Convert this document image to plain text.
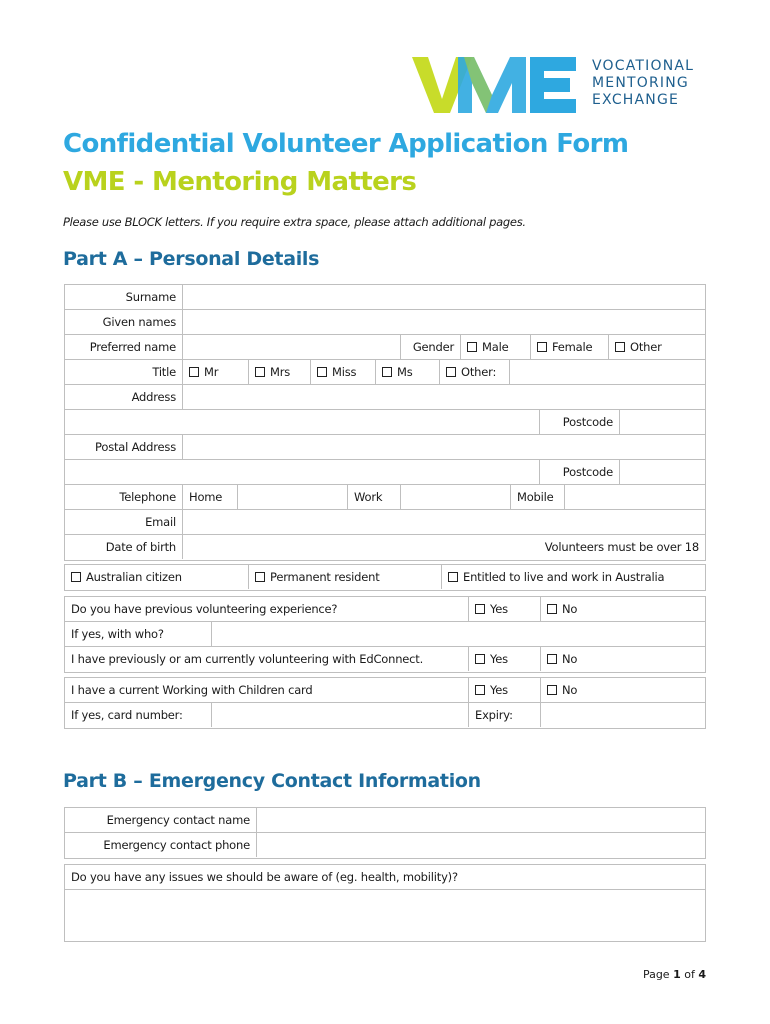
VOCATIONAL
MENTORING
EXCHANGE
Confidential Volunteer Application Form
VME - Mentoring Matters
Please use BLOCK letters. If you require extra space, please attach additional pages.
Part A – Personal Details
Surname
Given names
Preferred name	Gender	Male	Female	Other
Title	Mr	Mrs	Miss	Ms	Other:
Address
Postcode
Postal Address
Postcode
Telephone	Home	Work	Mobile
Email
Date of birth	Volunteers must be over 18
Australian citizen	Permanent resident	Entitled to live and work in Australia
Do you have previous volunteering experience?	Yes	No
If yes, with who?
I have previously or am currently volunteering with EdConnect.	Yes	No
I have a current Working with Children card	Yes	No
If yes, card number:	Expiry:
Part B – Emergency Contact Information
Emergency contact name
Emergency contact phone
Do you have any issues we should be aware of (eg. health, mobility)?
Page 1 of 4
